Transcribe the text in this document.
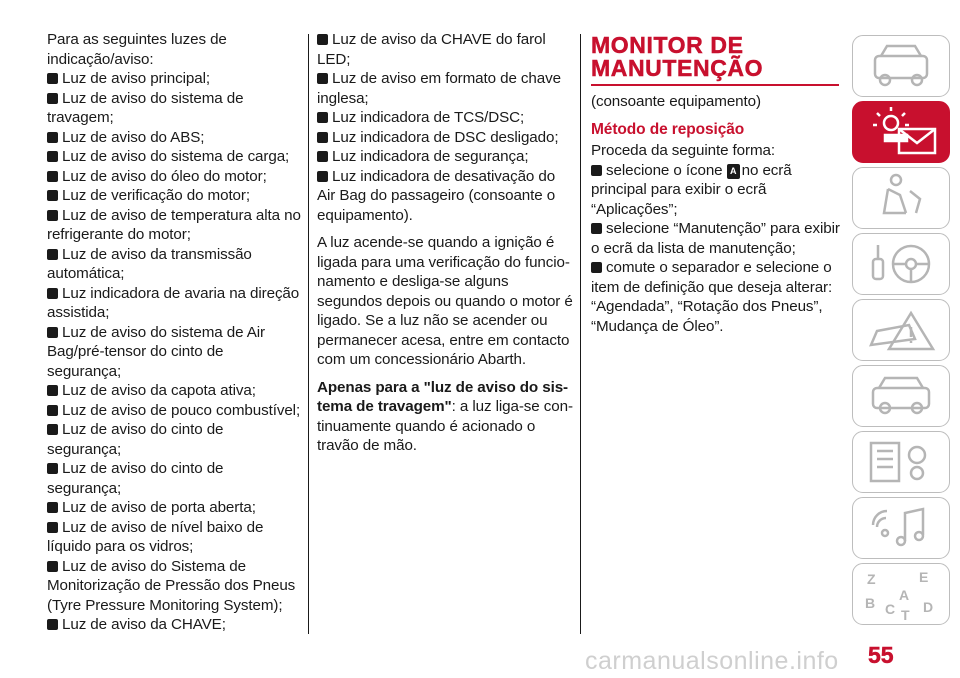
Para as seguintes luzes de indicação/aviso:

Luz de aviso principal;

Luz de aviso do sistema de travagem;

Luz de aviso do ABS;

Luz de aviso do sistema de carga;

Luz de aviso do óleo do motor;

Luz de verificação do motor;

Luz de aviso de temperatura alta no refrigerante do motor;

Luz de aviso da transmissão automática;

Luz indicadora de avaria na direção assistida;

Luz de aviso do sistema de Air Bag/pré-tensor do cinto de segurança;

Luz de aviso da capota ativa;

Luz de aviso de pouco combustível;

Luz de aviso do cinto de segurança;

Luz de aviso do cinto de segurança;

Luz de aviso de porta aberta;

Luz de aviso de nível baixo de líquido para os vidros;

Luz de aviso do Sistema de Monitorização de Pressão dos Pneus (Tyre Pressure Monitoring System);

Luz de aviso da CHAVE;

Luz de aviso da CHAVE do farol LED;

Luz de aviso em formato de chave inglesa;

Luz indicadora de TCS/DSC;

Luz indicadora de DSC desligado;

Luz indicadora de segurança;

Luz indicadora de desativação do Air Bag do passageiro (consoante o equipamento).

A luz acende-se quando a ignição é ligada para uma verificação do funcio-namento e desliga-se alguns segundos depois ou quando o motor é ligado. Se a luz não se acender ou permanecer acesa, entre em contacto com um concessionário Abarth.

Apenas para a "luz de aviso do sis-tema de travagem": a luz liga-se con-tinuamente quando é acionado o travão de mão.

MONITOR DE MANUTENÇÃO

(consoante equipamento)

Método de reposição

Proceda da seguinte forma:

selecione o ícone A no ecrã principal para exibir o ecrã “Aplicações”;

selecione “Manutenção” para exibir o ecrã da lista de manutenção;

comute o separador e selecione o item de definição que deseja alterar: “Agendada”, “Rotação dos Pneus”, “Mudança de Óleo”.

Z	E
B A
C D
T
55
carmanualsonline.info
